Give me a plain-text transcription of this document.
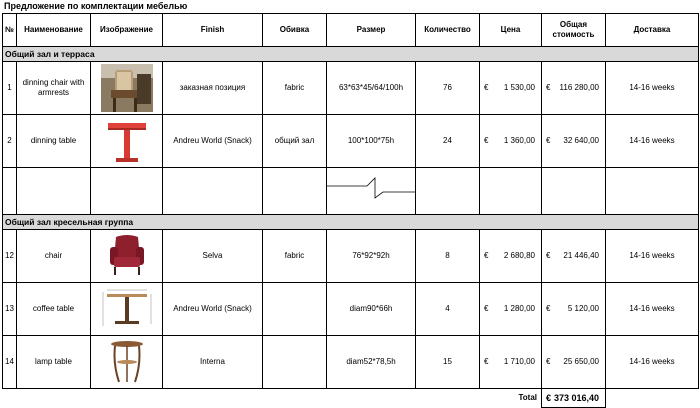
Предложение по комплектации мебелью
№	Наименование	Изображение	Finish	Обивка	Размер	Количество	Цена	Общая стоимость	Доставка
Общий зал и терраса									
1	dinning chair with armrests		заказная позиция	fabric	63*63*45/64/100h	76	€ 1 530,00	€ 116 280,00	14-16 weeks
2	dinning table		Andreu World (Snack)	общий зал	100*100*75h	24	€ 1 360,00	€ 32 640,00	14-16 weeks

Общий зал кресельная группа									
12	chair		Selva	fabric	76*92*92h	8	€ 2 680,80	€ 21 446,40	14-16 weeks
13	coffee table		Andreu World (Snack)		diam90*66h	4	€ 1 280,00	€ 5 120,00	14-16 weeks
14	lamp table		Interna		diam52*78,5h	15	€ 1 710,00	€ 25 650,00	14-16 weeks
							Total	€ 373 016,40	
